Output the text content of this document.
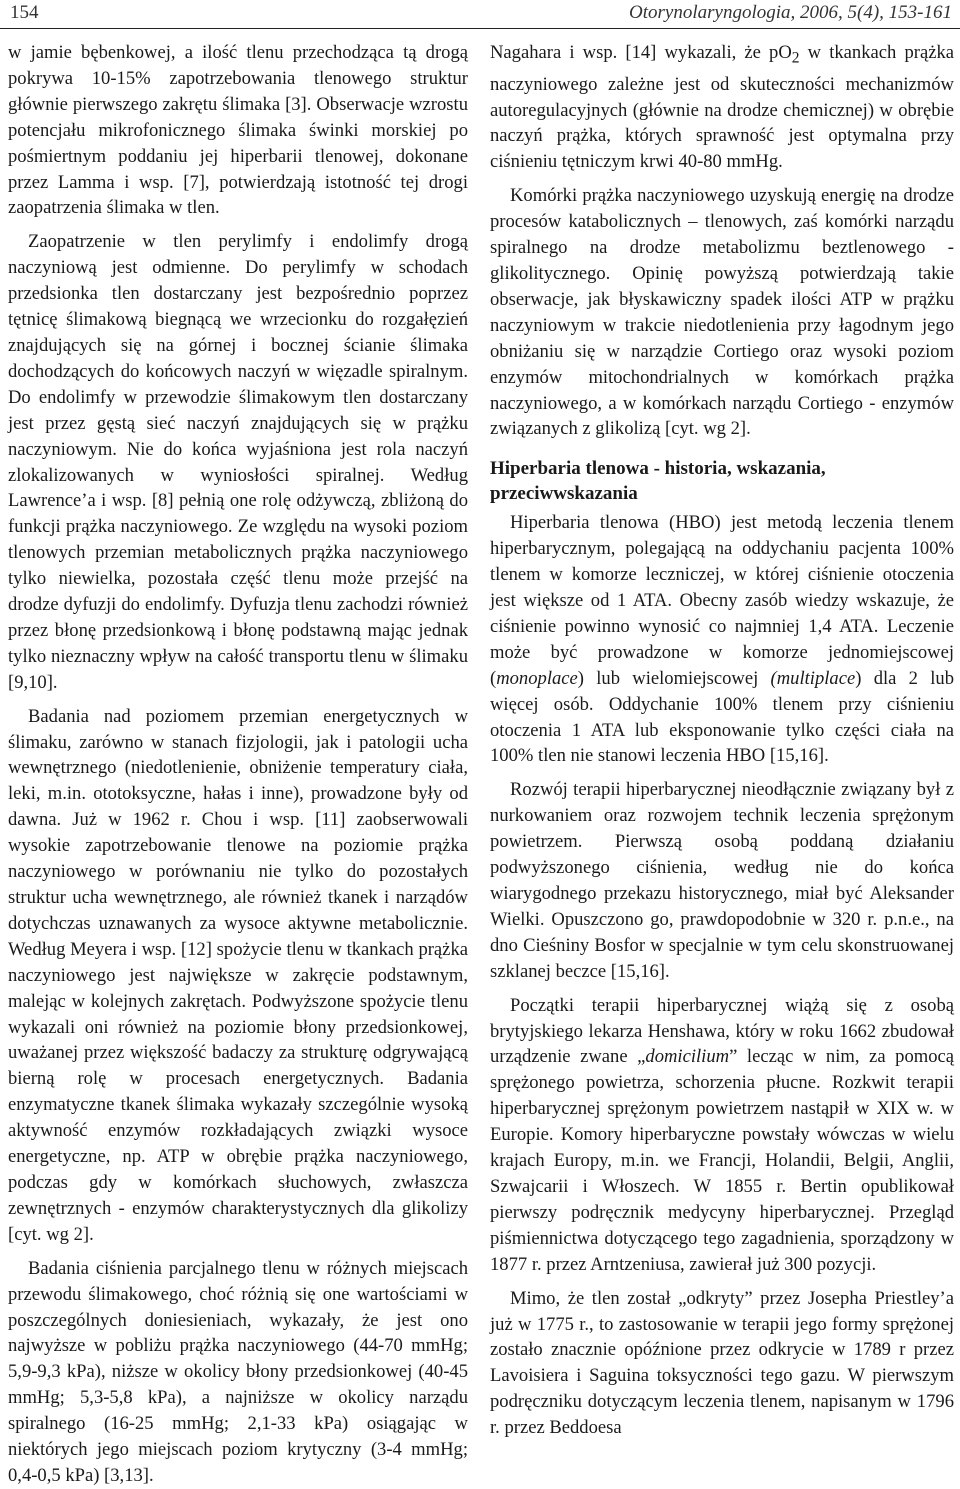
154	Otorynolaryngologia, 2006, 5(4), 153-161

w jamie bębenkowej, a ilość tlenu przechodząca tą drogą pokrywa 10-15% zapotrzebowania tlenowego struktur głównie pierwszego zakrętu ślimaka [3]. Obserwacje wzrostu potencjału mikrofonicznego ślimaka świnki morskiej po pośmiertnym poddaniu jej hiperbarii tlenowej, dokonane przez Lamma i wsp. [7], potwierdzają istotność tej drogi zaopatrzenia ślimaka w tlen.

Zaopatrzenie w tlen perylimfy i endolimfy drogą naczyniową jest odmienne. Do perylimfy w schodach przedsionka tlen dostarczany jest bezpośrednio poprzez tętnicę ślimakową biegnącą we wrzecionku do rozgałęzień znajdujących się na górnej i bocznej ścianie ślimaka dochodzących do końcowych naczyń w więzadle spiralnym. Do endolimfy w przewodzie ślimakowym tlen dostarczany jest przez gęstą sieć naczyń znajdujących się w prążku naczyniowym. Nie do końca wyjaśniona jest rola naczyń zlokalizowanych w wyniosłości spiralnej. Według Lawrence’a i wsp. [8] pełnią one rolę odżywczą, zbliżoną do funkcji prążka naczyniowego. Ze względu na wysoki poziom tlenowych przemian metabolicznych prążka naczyniowego tylko niewielka, pozostała część tlenu może przejść na drodze dyfuzji do endolimfy. Dyfuzja tlenu zachodzi również przez błonę przedsionkową i błonę podstawną mając jednak tylko nieznaczny wpływ na całość transportu tlenu w ślimaku [9,10].

Badania nad poziomem przemian energetycznych w ślimaku, zarówno w stanach fizjologii, jak i patologii ucha wewnętrznego (niedotlenienie, obniżenie temperatury ciała, leki, m.in. ototoksyczne, hałas i inne), prowadzone były od dawna. Już w 1962 r. Chou i wsp. [11] zaobserwowali wysokie zapotrzebowanie tlenowe na poziomie prążka naczyniowego w porównaniu nie tylko do pozostałych struktur ucha wewnętrznego, ale również tkanek i narządów dotychczas uznawanych za wysoce aktywne metabolicznie. Według Meyera i wsp. [12] spożycie tlenu w tkankach prążka naczyniowego jest największe w zakręcie podstawnym, malejąc w kolejnych zakrętach. Podwyższone spożycie tlenu wykazali oni również na poziomie błony przedsionkowej, uważanej przez większość badaczy za strukturę odgrywającą bierną rolę w procesach energetycznych. Badania enzymatyczne tkanek ślimaka wykazały szczególnie wysoką aktywność enzymów rozkładających związki wysoce energetyczne, np. ATP w obrębie prążka naczyniowego, podczas gdy w komórkach słuchowych, zwłaszcza zewnętrznych - enzymów charakterystycznych dla glikolizy [cyt. wg 2].

Badania ciśnienia parcjalnego tlenu w różnych miejscach przewodu ślimakowego, choć różnią się one wartościami w poszczególnych doniesieniach, wykazały, że jest ono najwyższe w pobliżu prążka naczyniowego (44-70 mmHg; 5,9-9,3 kPa), niższe w okolicy błony przedsionkowej (40-45 mmHg; 5,3-5,8 kPa), a najniższe w okolicy narządu spiralnego (16-25 mmHg; 2,1-33 kPa) osiągając w niektórych jego miejscach poziom krytyczny (3-4 mmHg; 0,4-0,5 kPa) [3,13].

Nagahara i wsp. [14] wykazali, że $pO_2$ w tkankach prążka naczyniowego zależne jest od skuteczności mechanizmów autoregulacyjnych (głównie na drodze chemicznej) w obrębie naczyń prążka, których sprawność jest optymalna przy ciśnieniu tętniczym krwi 40-80 mmHg.

Komórki prążka naczyniowego uzyskują energię na drodze procesów katabolicznych – tlenowych, zaś komórki narządu spiralnego na drodze metabolizmu beztlenowego - glikolitycznego. Opinię powyższą potwierdzają takie obserwacje, jak błyskawiczny spadek ilości ATP w prążku naczyniowym w trakcie niedotlenienia przy łagodnym jego obniżaniu się w narządzie Cortiego oraz wysoki poziom enzymów mitochondrialnych w komórkach prążka naczyniowego, a w komórkach narządu Cortiego - enzymów związanych z glikolizą [cyt. wg 2].

Hiperbaria tlenowa - historia, wskazania, przeciwwskazania

Hiperbaria tlenowa (HBO) jest metodą leczenia tlenem hiperbarycznym, polegającą na oddychaniu pacjenta 100% tlenem w komorze leczniczej, w której ciśnienie otoczenia jest większe od 1 ATA. Obecny zasób wiedzy wskazuje, że ciśnienie powinno wynosić co najmniej 1,4 ATA. Leczenie może być prowadzone w komorze jednomiejscowej (monoplace) lub wielomiejscowej (multiplace) dla 2 lub więcej osób. Oddychanie 100% tlenem przy ciśnieniu otoczenia 1 ATA lub eksponowanie tylko części ciała na 100% tlen nie stanowi leczenia HBO [15,16].

Rozwój terapii hiperbarycznej nieodłącznie związany był z nurkowaniem oraz rozwojem technik leczenia sprężonym powietrzem. Pierwszą osobą poddaną działaniu podwyższonego ciśnienia, według nie do końca wiarygodnego przekazu historycznego, miał być Aleksander Wielki. Opuszczono go, prawdopodobnie w 320 r. p.n.e., na dno Cieśniny Bosfor w specjalnie w tym celu skonstruowanej szklanej beczce [15,16].

Początki terapii hiperbarycznej wiążą się z osobą brytyjskiego lekarza Henshawa, który w roku 1662 zbudował urządzenie zwane „domicilium” lecząc w nim, za pomocą sprężonego powietrza, schorzenia płucne. Rozkwit terapii hiperbarycznej sprężonym powietrzem nastąpił w XIX w. w Europie. Komory hiperbaryczne powstały wówczas w wielu krajach Europy, m.in. we Francji, Holandii, Belgii, Anglii, Szwajcarii i Włoszech. W 1855 r. Bertin opublikował pierwszy podręcznik medycyny hiperbarycznej. Przegląd piśmiennictwa dotyczącego tego zagadnienia, sporządzony w 1877 r. przez Arntzeniusa, zawierał już 300 pozycji.

Mimo, że tlen został „odkryty” przez Josepha Priestley’a już w 1775 r., to zastosowanie w terapii jego formy sprężonej zostało znacznie opóźnione przez odkrycie w 1789 r przez Lavoisiera i Saguina toksyczności tego gazu. W pierwszym podręczniku dotyczącym leczenia tlenem, napisanym w 1796 r. przez Beddoesa
